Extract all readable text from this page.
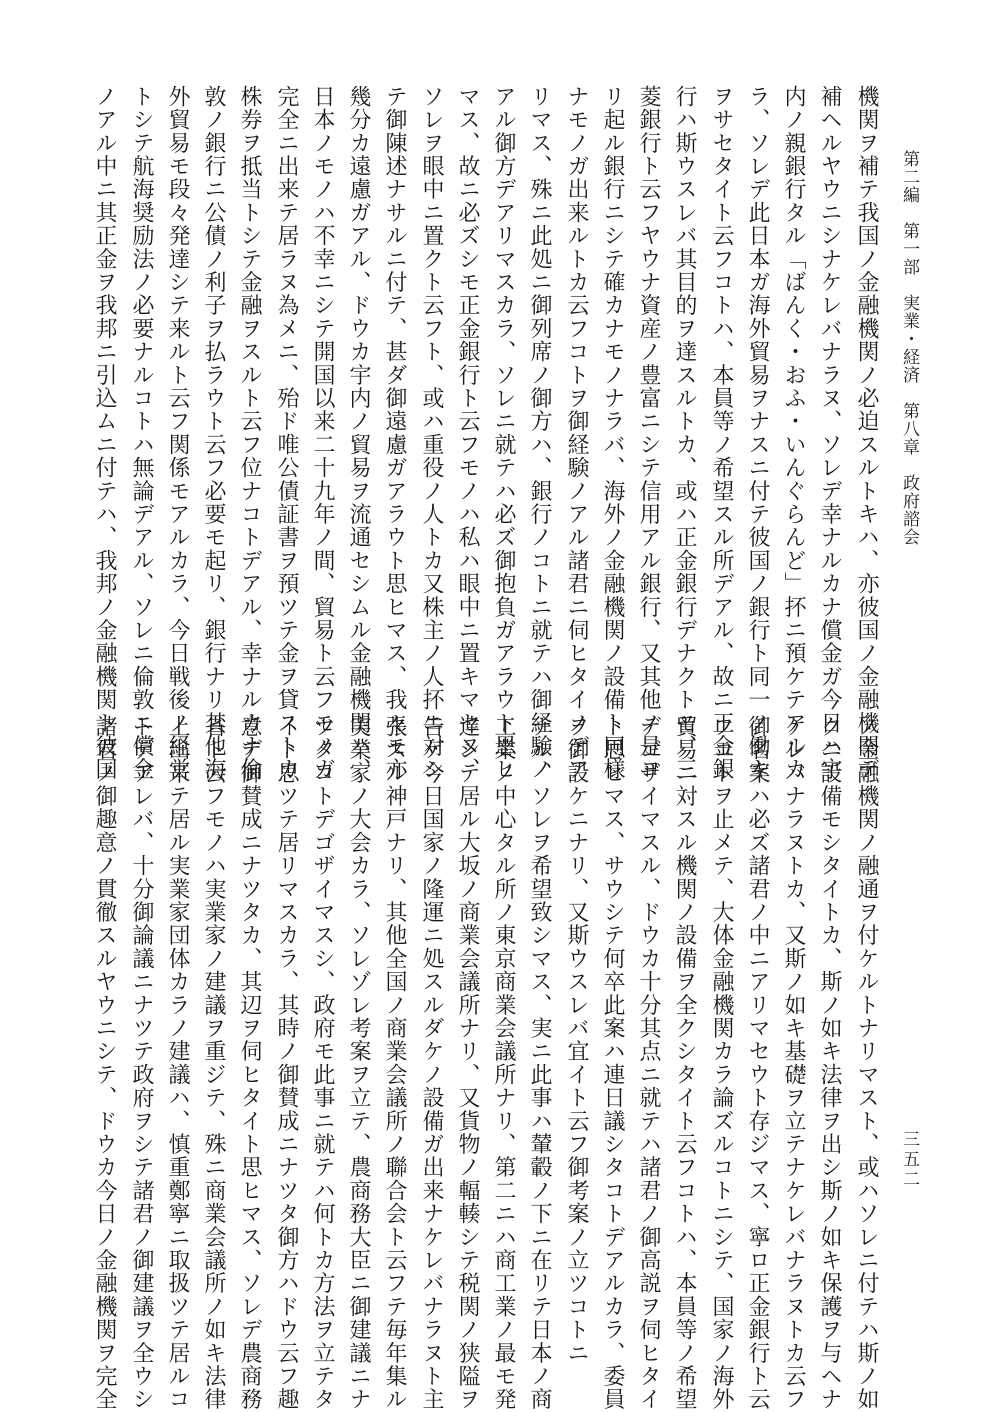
第二編　第一部　実業・経済　第八章　政府諮会
三五二
機関ヲ補テ我国ノ金融機関ノ必迫スルトキハ、亦彼国ノ金融機関デ
補ヘルヤウニシナケレバナラヌ、ソレデ幸ナルカナ償金ガ今日ハ宇
内ノ親銀行タル「ばんく・おふ・いんぐらんど」抔ニ預ケテアルカ
ラ、ソレデ此日本ガ海外貿易ヲナスニ付テ彼国ノ銀行ト同一ノ働キ
ヲサセタイト云フコトハ、本員等ノ希望スル所デアル、故ニ正金銀
行ハ斯ウスレバ其目的ヲ達スルトカ、或ハ正金銀行デナクトモ、三
菱銀行ト云フヤウナ資産ノ豊富ニシテ信用アル銀行、又其他ノ是ヨ
リ起ル銀行ニシテ確カナモノナラバ、海外ノ金融機関ノ設備ト同様
ナモノガ出来ルトカ云フコトヲ御経験ノアル諸君ニ伺ヒタイノデア
リマス、殊ニ此処ニ御列席ノ御方ハ、銀行ノコトニ就テハ御経験ノ
アル御方デアリマスカラ、ソレニ就テハ必ズ御抱負ガアラウト思ヒ
マス、故ニ必ズシモ正金銀行ト云フモノハ私ハ眼中ニ置キマセヌ、
ソレヲ眼中ニ置クト云フト、或ハ重役ノ人トカ又株主ノ人抔ニ対シ
テ御陳述ナサルニ付テ、甚ダ御遠慮ガアラウト思ヒマス、我々モ亦
幾分カ遠慮ガアル、ドウカ宇内ノ貿易ヲ流通セシムル金融機関ハ、
日本ノモノハ不幸ニシテ開国以来二十九年ノ間、貿易ト云フモノガ
完全ニ出来テ居ラヌ為メニ、殆ド唯公債証書ヲ預ツテ金ヲ貸ストカ
株券ヲ抵当トシテ金融ヲスルト云フ位ナコトデアル、幸ナルカナ倫
敦ノ銀行ニ公債ノ利子ヲ払ラウト云フ必要モ起リ、銀行ナリ其他海
外貿易モ段々発達シテ来ルト云フ関係モアルカラ、今日戦後ノ経営
トシテ航海奨励法ノ必要ナルコトハ無論デアル、ソレニ倫敦ニ償金
ノアル中ニ其正金ヲ我邦ニ引込ムニ付テハ、我邦ノ金融機関ト彼国
ノ金融機関ノ融通ヲ付ケルトナリマスト、或ハソレニ付テハ斯ノ如
クニ設備モシタイトカ、斯ノ如キ法律ヲ出シ斯ノ如キ保護ヲ与ヘナ
ケレバナラヌトカ、又斯ノ如キ基礎ヲ立テナケレバナラヌトカ云フ
御名案ハ必ズ諸君ノ中ニアリマセウト存ジマス、寧ロ正金銀行ト云
フコトヲ止メテ、大体金融機関カラ論ズルコトニシテ、国家ノ海外
貿易ニ対スル機関ノ設備ヲ全クシタイト云フコトハ、本員等ノ希望
デゴザイマスル、ドウカ十分其点ニ就テハ諸君ノ御高説ヲ伺ヒタイ
ト思ヒマス、サウシテ何卒此案ハ連日議シタコトデアルカラ、委員
ヲ御設ケニナリ、又斯ウスレバ宜イト云フ御考案ノ立ツコトニ
ナル、ソレヲ希望致シマス、実ニ此事ハ輦轂ノ下ニ在リテ日本ノ商
工業ノ中心タル所ノ東京商業会議所ナリ、第二ニハ商工業ノ最モ発
達シテ居ル大坂ノ商業会議所ナリ、又貨物ノ輻輳シテ税関ノ狭隘ヲ
告ゲ今日国家ノ隆運ニ処スルダケノ設備ガ出来ナケレバナラヌト主
張スル神戸ナリ、其他全国ノ商業会議所ノ聯合会ト云フテ毎年集ル
実業家ノ大会カラ、ソレゾレ考案ヲ立テ、農商務大臣ニ御建議ニナ
ツタコトデゴザイマスシ、政府モ此事ニ就テハ何トカ方法ヲ立テタ
イト思ツテ居リマスカラ、其時ノ御賛成ニナツタ御方ハドウ云フ趣
意デ御賛成ニナツタカ、其辺ヲ伺ヒタイト思ヒマス、ソレデ農商務
省ト云フモノハ実業家ノ建議ヲ重ジテ、殊ニ商業会議所ノ如キ法律
上出来テ居ル実業家団体カラノ建議ハ、慎重鄭寧ニ取扱ツテ居ルコ
トデアレバ、十分御論議ニナツテ政府ヲシテ諸君ノ御建議ヲ全ウシ
諸君ノ御趣意ノ貫徹スルヤウニシテ、ドウカ今日ノ金融機関ヲ完全
